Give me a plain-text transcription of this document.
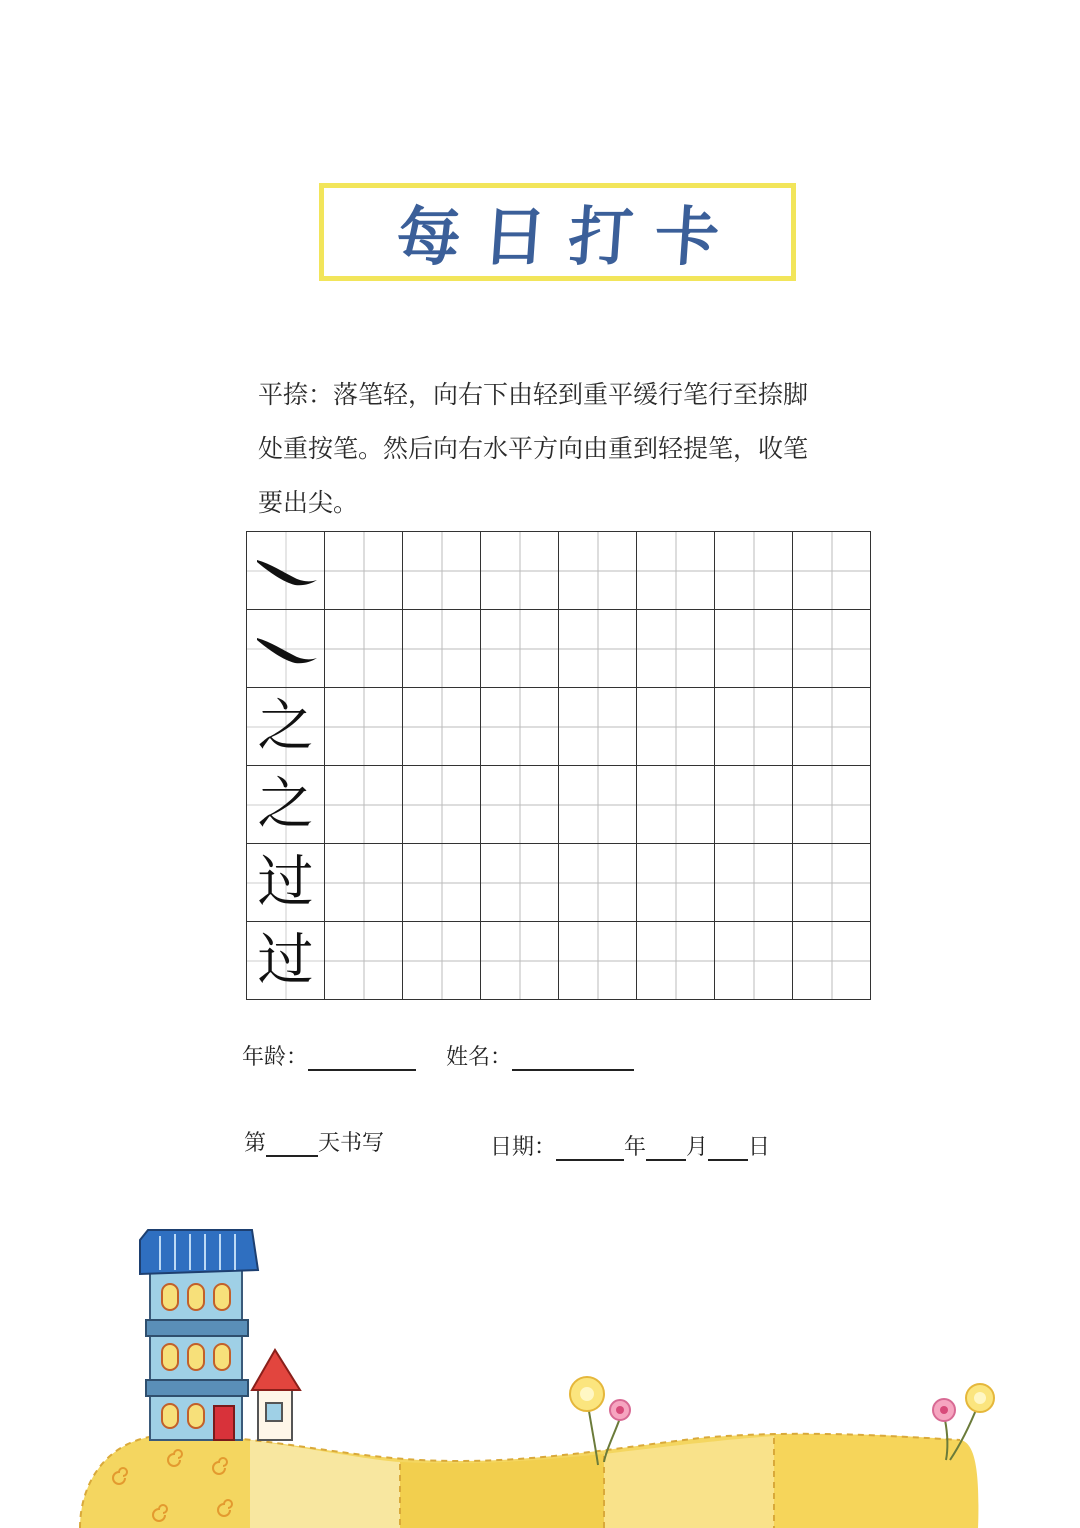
每日打卡

平捺：落笔轻，向右下由轻到重平缓行笔行至捺脚

处重按笔。然后向右水平方向由重到轻提笔，收笔

要出尖。

之							

之							

过							

过							

年龄：	姓名：
第 天书写	日期：	年 月 日
